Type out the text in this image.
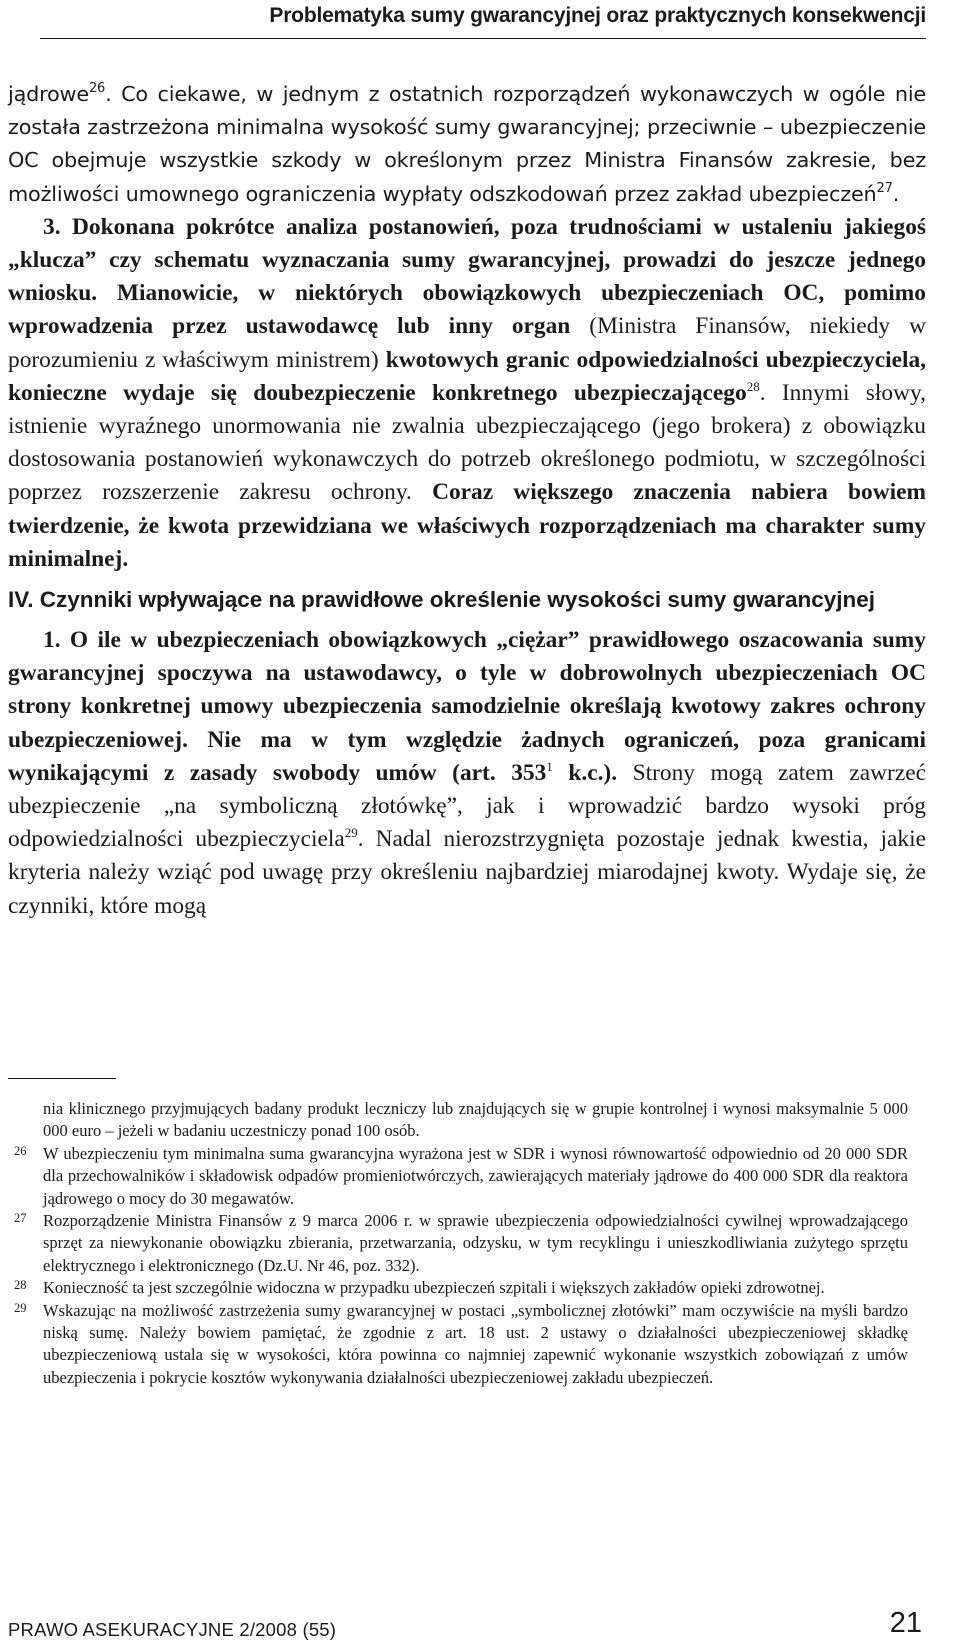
Problematyka sumy gwarancyjnej oraz praktycznych konsekwencji

jądrowe$^{26}$. Co ciekawe, w jednym z ostatnich rozporządzeń wykonawczych w ogóle nie została zastrzeżona minimalna wysokość sumy gwarancyjnej; przeciwnie – ubezpieczenie OC obejmuje wszystkie szkody w określonym przez Ministra Finansów zakresie, bez możliwości umownego ograniczenia wypłaty odszkodowań przez zakład ubezpieczeń$^{27}$.

3. Dokonana pokrótce analiza postanowień, poza trudnościami w ustaleniu jakiegoś „klucza” czy schematu wyznaczania sumy gwarancyjnej, prowadzi do jeszcze jednego wniosku. Mianowicie, w niektórych obowiązkowych ubezpieczeniach OC, pomimo wprowadzenia przez ustawodawcę lub inny organ (Ministra Finansów, niekiedy w porozumieniu z właściwym ministrem) kwotowych granic odpowiedzialności ubezpieczyciela, konieczne wydaje się doubezpieczenie konkretnego ubezpieczającego$^{28}$. Innymi słowy, istnienie wyraźnego unormowania nie zwalnia ubezpieczającego (jego brokera) z obowiązku dostosowania postanowień wykonawczych do potrzeb określonego podmiotu, w szczególności poprzez rozszerzenie zakresu ochrony. Coraz większego znaczenia nabiera bowiem twierdzenie, że kwota przewidziana we właściwych rozporządzeniach ma charakter sumy minimalnej.

IV. Czynniki wpływające na prawidłowe określenie wysokości sumy gwarancyjnej

1. O ile w ubezpieczeniach obowiązkowych „ciężar” prawidłowego oszacowania sumy gwarancyjnej spoczywa na ustawodawcy, o tyle w dobrowolnych ubezpieczeniach OC strony konkretnej umowy ubezpieczenia samodzielnie określają kwotowy zakres ochrony ubezpieczeniowej. Nie ma w tym względzie żadnych ograniczeń, poza granicami wynikającymi z zasady swobody umów (art. $353^1$ k.c.). Strony mogą zatem zawrzeć ubezpieczenie „na symboliczną złotówkę”, jak i wprowadzić bardzo wysoki próg odpowiedzialności ubezpieczyciela$^{29}$. Nadal nierozstrzygnięta pozostaje jednak kwestia, jakie kryteria należy wziąć pod uwagę przy określeniu najbardziej miarodajnej kwoty. Wydaje się, że czynniki, które mogą

nia klinicznego przyjmujących badany produkt leczniczy lub znajdujących się w grupie kontrolnej i wynosi maksymalnie 5 000 000 euro – jeżeli w badaniu uczestniczy ponad 100 osób.

26 W ubezpieczeniu tym minimalna suma gwarancyjna wyrażona jest w SDR i wynosi równowartość odpowiednio od 20 000 SDR dla przechowalników i składowisk odpadów promieniotwórczych, zawierających materiały jądrowe do 400 000 SDR dla reaktora jądrowego o mocy do 30 megawatów.

27 Rozporządzenie Ministra Finansów z 9 marca 2006 r. w sprawie ubezpieczenia odpowiedzialności cywilnej wprowadzającego sprzęt za niewykonanie obowiązku zbierania, przetwarzania, odzysku, w tym recyklingu i unieszkodliwiania zużytego sprzętu elektrycznego i elektronicznego (Dz.U. Nr 46, poz. 332).

28 Konieczność ta jest szczególnie widoczna w przypadku ubezpieczeń szpitali i większych zakładów opieki zdrowotnej.

29 Wskazując na możliwość zastrzeżenia sumy gwarancyjnej w postaci „symbolicznej złotówki” mam oczywiście na myśli bardzo niską sumę. Należy bowiem pamiętać, że zgodnie z art. 18 ust. 2 ustawy o działalności ubezpieczeniowej składkę ubezpieczeniową ustala się w wysokości, która powinna co najmniej zapewnić wykonanie wszystkich zobowiązań z umów ubezpieczenia i pokrycie kosztów wykonywania działalności ubezpieczeniowej zakładu ubezpieczeń.

PRAWO ASEKURACYJNE 2/2008 (55)	21
